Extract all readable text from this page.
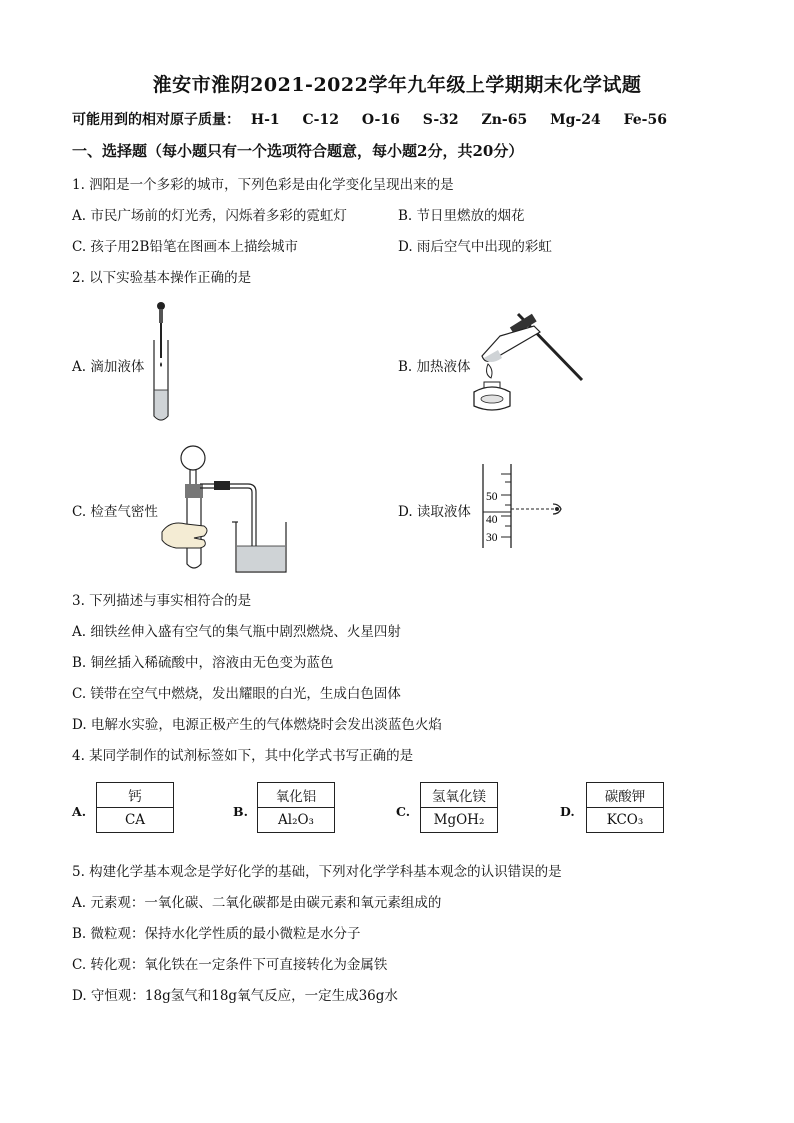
淮安市淮阴2021-2022学年九年级上学期期末化学试题
可能用到的相对原子质量： H-1 C-12 O-16 S-32 Zn-65 Mg-24 Fe-56
一、选择题（每小题只有一个选项符合题意，每小题2分，共20分）
1. 泗阳是一个多彩的城市，下列色彩是由化学变化呈现出来的是
A. 市民广场前的灯光秀，闪烁着多彩的霓虹灯	B. 节日里燃放的烟花
C. 孩子用2B铅笔在图画本上描绘城市	D. 雨后空气中出现的彩虹
2. 以下实验基本操作正确的是
A. 滴加液体	B. 加热液体
C. 检查气密性	D. 读取液体
50
40
30
3. 下列描述与事实相符合的是
A. 细铁丝伸入盛有空气的集气瓶中剧烈燃烧、火星四射
B. 铜丝插入稀硫酸中，溶液由无色变为蓝色
C. 镁带在空气中燃烧，发出耀眼的白光，生成白色固体
D. 电解水实验，电源正极产生的气体燃烧时会发出淡蓝色火焰
4. 某同学制作的试剂标签如下，其中化学式书写正确的是
A.
钙
CA
B.
氧化铝
Al₂O₃
C.
氢氧化镁
MgOH₂
D.
碳酸钾
KCO₃
5. 构建化学基本观念是学好化学的基础，下列对化学学科基本观念的认识错误的是
A. 元素观：一氧化碳、二氧化碳都是由碳元素和氧元素组成的
B. 微粒观：保持水化学性质的最小微粒是水分子
C. 转化观：氧化铁在一定条件下可直接转化为金属铁
D. 守恒观：18g氢气和18g氧气反应，一定生成36g水
